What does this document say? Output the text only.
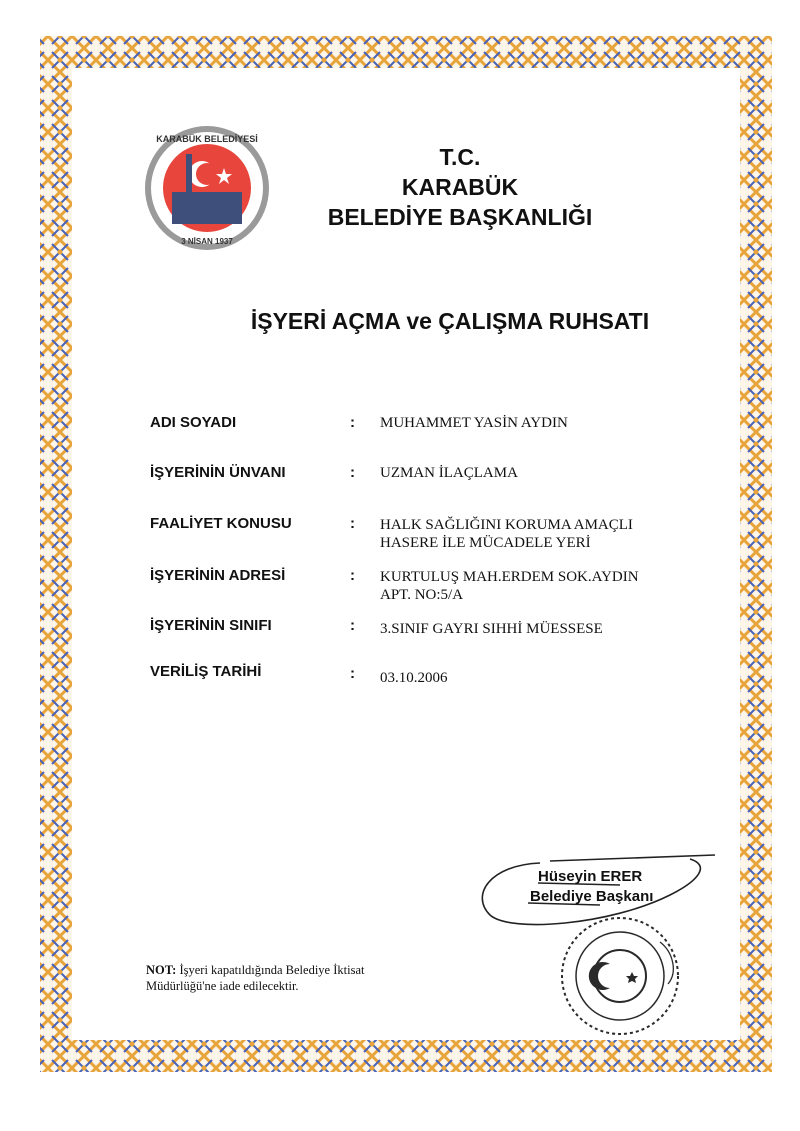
KARABÜK BELEDİYESİ
3 NİSAN 1937
T.C.
KARABÜK
BELEDİYE BAŞKANLIĞI
İŞYERİ AÇMA ve ÇALIŞMA RUHSATI
ADI SOYADI	: MUHAMMET YASİN AYDIN
İŞYERİNİN ÜNVANI	: UZMAN İLAÇLAMA
FAALİYET KONUSU	: HALK SAĞLIĞINI KORUMA AMAÇLI
HASERE İLE MÜCADELE YERİ
İŞYERİNİN ADRESİ	: KURTULUŞ MAH.ERDEM SOK.AYDIN
APT. NO:5/A
İŞYERİNİN SINIFI	: 3.SINIF GAYRI SIHHİ MÜESSESE
VERİLİŞ TARİHİ	: 03.10.2006
Hüseyin ERER
Belediye Başkanı
NOT: İşyeri kapatıldığında Belediye İktisat Müdürlüğü'ne iade edilecektir.
